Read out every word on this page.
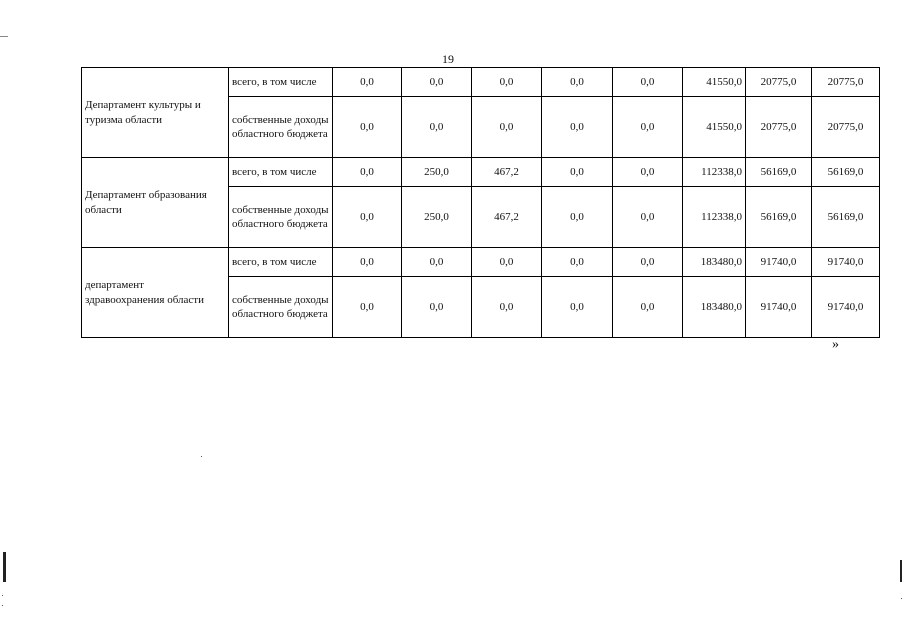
19
Департамент культуры и туризма области	всего, в том числе	0,0	0,0	0,0	0,0	0,0	41550,0	20775,0	20775,0
	собственные доходы областного бюджета	0,0	0,0	0,0	0,0	0,0	41550,0	20775,0	20775,0
Департамент образования области	всего, в том числе	0,0	250,0	467,2	0,0	0,0	112338,0	56169,0	56169,0
	собственные доходы областного бюджета	0,0	250,0	467,2	0,0	0,0	112338,0	56169,0	56169,0
департамент здравоохранения области	всего, в том числе	0,0	0,0	0,0	0,0	0,0	183480,0	91740,0	91740,0
	собственные доходы областного бюджета	0,0	0,0	0,0	0,0	0,0	183480,0	91740,0	91740,0
»
